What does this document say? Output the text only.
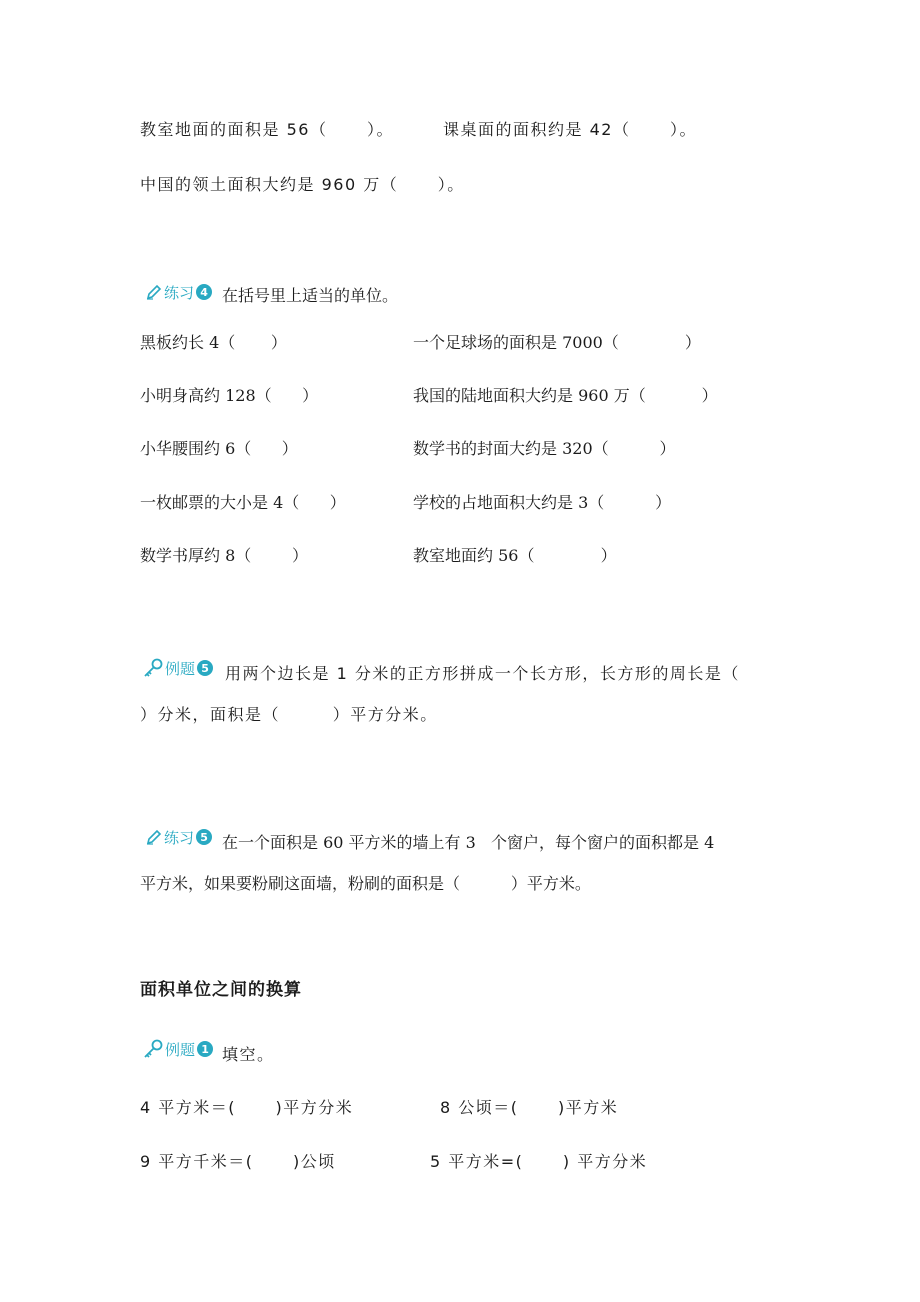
教室地面的面积是 56（      ）。	课桌面的面积约是 42（      ）。
中国的领土面积大约是 960 万（      ）。
练习 4 在括号里上适当的单位。
黑板约长 4（       ）	一个足球场的面积是 7000（             ）
小明身高约 128（      ）	我国的陆地面积大约是 960 万（           ）
小华腰围约 6（      ）	数学书的封面大约是 320（          ）
一枚邮票的大小是 4（      ）	学校的占地面积大约是 3（          ）
数学书厚约 8（        ）	教室地面约 56（             ）
例题 5 用两个边长是 1 分米的正方形拼成一个长方形，长方形的周长是（
）分米，面积是（        ）平方分米。
练习 5 在一个面积是 60 平方米的墙上有 3   个窗户，每个窗户的面积都是 4
平方米，如果要粉刷这面墙，粉刷的面积是（          ）平方米。
面积单位之间的换算
例题 1 填空。
4 平方米＝(      )平方分米	8 公顷＝(      )平方米
9 平方千米＝(      )公顷	5 平方米=(      ) 平方分米
